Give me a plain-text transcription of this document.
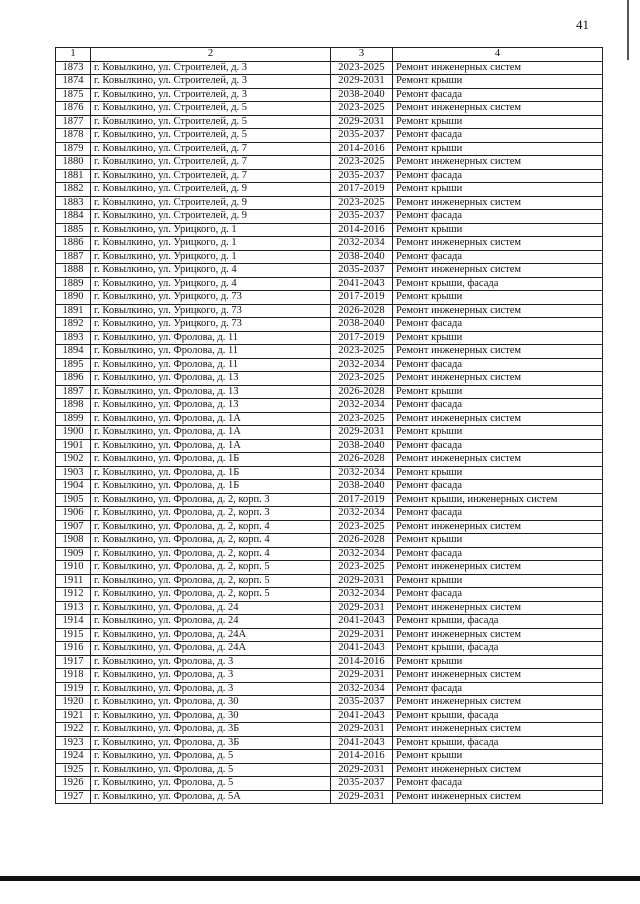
41
1	2	3	4
1873	г. Ковылкино, ул. Строителей, д. 3	2023-2025	Ремонт инженерных систем
1874	г. Ковылкино, ул. Строителей, д. 3	2029-2031	Ремонт крыши
1875	г. Ковылкино, ул. Строителей, д. 3	2038-2040	Ремонт фасада
1876	г. Ковылкино, ул. Строителей, д. 5	2023-2025	Ремонт инженерных систем
1877	г. Ковылкино, ул. Строителей, д. 5	2029-2031	Ремонт крыши
1878	г. Ковылкино, ул. Строителей, д. 5	2035-2037	Ремонт фасада
1879	г. Ковылкино, ул. Строителей, д. 7	2014-2016	Ремонт крыши
1880	г. Ковылкино, ул. Строителей, д. 7	2023-2025	Ремонт инженерных систем
1881	г. Ковылкино, ул. Строителей, д. 7	2035-2037	Ремонт фасада
1882	г. Ковылкино, ул. Строителей, д. 9	2017-2019	Ремонт крыши
1883	г. Ковылкино, ул. Строителей, д. 9	2023-2025	Ремонт инженерных систем
1884	г. Ковылкино, ул. Строителей, д. 9	2035-2037	Ремонт фасада
1885	г. Ковылкино, ул. Урицкого, д. 1	2014-2016	Ремонт крыши
1886	г. Ковылкино, ул. Урицкого, д. 1	2032-2034	Ремонт инженерных систем
1887	г. Ковылкино, ул. Урицкого, д. 1	2038-2040	Ремонт фасада
1888	г. Ковылкино, ул. Урицкого, д. 4	2035-2037	Ремонт инженерных систем
1889	г. Ковылкино, ул. Урицкого, д. 4	2041-2043	Ремонт крыши, фасада
1890	г. Ковылкино, ул. Урицкого, д. 73	2017-2019	Ремонт крыши
1891	г. Ковылкино, ул. Урицкого, д. 73	2026-2028	Ремонт инженерных систем
1892	г. Ковылкино, ул. Урицкого, д. 73	2038-2040	Ремонт фасада
1893	г. Ковылкино, ул. Фролова, д. 11	2017-2019	Ремонт крыши
1894	г. Ковылкино, ул. Фролова, д. 11	2023-2025	Ремонт инженерных систем
1895	г. Ковылкино, ул. Фролова, д. 11	2032-2034	Ремонт фасада
1896	г. Ковылкино, ул. Фролова, д. 13	2023-2025	Ремонт инженерных систем
1897	г. Ковылкино, ул. Фролова, д. 13	2026-2028	Ремонт крыши
1898	г. Ковылкино, ул. Фролова, д. 13	2032-2034	Ремонт фасада
1899	г. Ковылкино, ул. Фролова, д. 1А	2023-2025	Ремонт инженерных систем
1900	г. Ковылкино, ул. Фролова, д. 1А	2029-2031	Ремонт крыши
1901	г. Ковылкино, ул. Фролова, д. 1А	2038-2040	Ремонт фасада
1902	г. Ковылкино, ул. Фролова, д. 1Б	2026-2028	Ремонт инженерных систем
1903	г. Ковылкино, ул. Фролова, д. 1Б	2032-2034	Ремонт крыши
1904	г. Ковылкино, ул. Фролова, д. 1Б	2038-2040	Ремонт фасада
1905	г. Ковылкино, ул. Фролова, д. 2, корп. 3	2017-2019	Ремонт крыши, инженерных систем
1906	г. Ковылкино, ул. Фролова, д. 2, корп. 3	2032-2034	Ремонт фасада
1907	г. Ковылкино, ул. Фролова, д. 2, корп. 4	2023-2025	Ремонт инженерных систем
1908	г. Ковылкино, ул. Фролова, д. 2, корп. 4	2026-2028	Ремонт крыши
1909	г. Ковылкино, ул. Фролова, д. 2, корп. 4	2032-2034	Ремонт фасада
1910	г. Ковылкино, ул. Фролова, д. 2, корп. 5	2023-2025	Ремонт инженерных систем
1911	г. Ковылкино, ул. Фролова, д. 2, корп. 5	2029-2031	Ремонт крыши
1912	г. Ковылкино, ул. Фролова, д. 2, корп. 5	2032-2034	Ремонт фасада
1913	г. Ковылкино, ул. Фролова, д. 24	2029-2031	Ремонт инженерных систем
1914	г. Ковылкино, ул. Фролова, д. 24	2041-2043	Ремонт крыши, фасада
1915	г. Ковылкино, ул. Фролова, д. 24А	2029-2031	Ремонт инженерных систем
1916	г. Ковылкино, ул. Фролова, д. 24А	2041-2043	Ремонт крыши, фасада
1917	г. Ковылкино, ул. Фролова, д. 3	2014-2016	Ремонт крыши
1918	г. Ковылкино, ул. Фролова, д. 3	2029-2031	Ремонт инженерных систем
1919	г. Ковылкино, ул. Фролова, д. 3	2032-2034	Ремонт фасада
1920	г. Ковылкино, ул. Фролова, д. 30	2035-2037	Ремонт инженерных систем
1921	г. Ковылкино, ул. Фролова, д. 30	2041-2043	Ремонт крыши, фасада
1922	г. Ковылкино, ул. Фролова, д. 3Б	2029-2031	Ремонт инженерных систем
1923	г. Ковылкино, ул. Фролова, д. 3Б	2041-2043	Ремонт крыши, фасада
1924	г. Ковылкино, ул. Фролова, д. 5	2014-2016	Ремонт крыши
1925	г. Ковылкино, ул. Фролова, д. 5	2029-2031	Ремонт инженерных систем
1926	г. Ковылкино, ул. Фролова, д. 5	2035-2037	Ремонт фасада
1927	г. Ковылкино, ул. Фролова, д. 5А	2029-2031	Ремонт инженерных систем
